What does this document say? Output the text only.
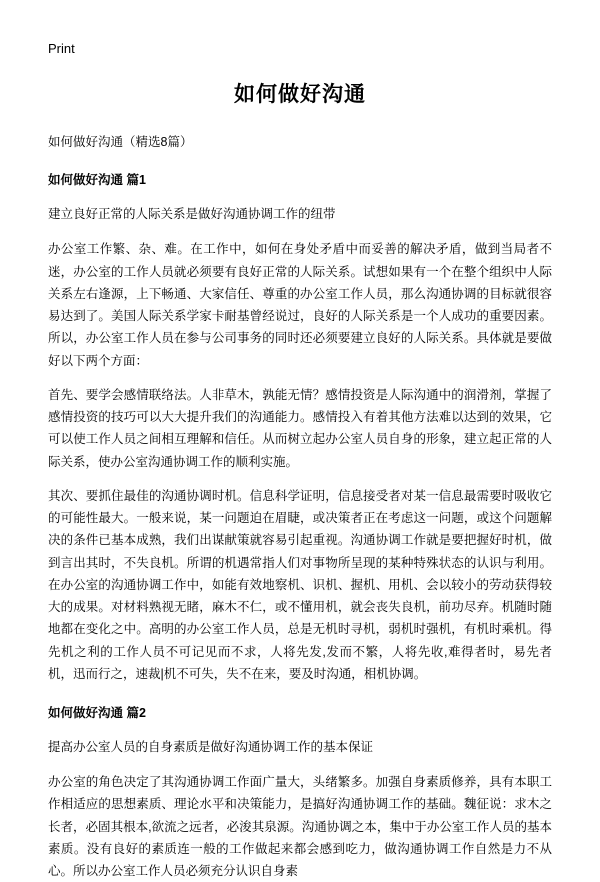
Print
如何做好沟通
如何做好沟通（精选8篇）
如何做好沟通 篇1
建立良好正常的人际关系是做好沟通协调工作的纽带

办公室工作繁、杂、难。在工作中，如何在身处矛盾中而妥善的解决矛盾，做到当局者不迷，办公室的工作人员就必须要有良好正常的人际关系。试想如果有一个在整个组织中人际关系左右逢源，上下畅通、大家信任、尊重的办公室工作人员，那么沟通协调的目标就很容易达到了。美国人际关系学家卡耐基曾经说过，良好的人际关系是一个人成功的重要因素。所以，办公室工作人员在参与公司事务的同时还必须要建立良好的人际关系。具体就是要做好以下两个方面：

首先、要学会感情联络法。人非草木，孰能无情？感情投资是人际沟通中的润滑剂，掌握了感情投资的技巧可以大大提升我们的沟通能力。感情投入有着其他方法难以达到的效果，它可以使工作人员之间相互理解和信任。从而树立起办公室人员自身的形象，建立起正常的人际关系，使办公室沟通协调工作的顺利实施。

其次、要抓住最佳的沟通协调时机。信息科学证明，信息接受者对某一信息最需要时吸收它的可能性最大。一般来说，某一问题迫在眉睫，或决策者正在考虑这一问题，或这个问题解决的条件已基本成熟，我们出谋献策就容易引起重视。沟通协调工作就是要把握好时机，做到言出其时，不失良机。所谓的机遇常指人们对事物所呈现的某种特殊状态的认识与利用。在办公室的沟通协调工作中，如能有效地察机、识机、握机、用机、会以较小的劳动获得较大的成果。对材料熟视无睹，麻木不仁，或不懂用机，就会丧失良机，前功尽弃。机随时随地都在变化之中。高明的办公室工作人员，总是无机时寻机，弱机时强机，有机时乘机。得先机之利的工作人员不可记见而不求，人将先发,发而不繁，人将先收,难得者时，易先者机，迅而行之，速裁|机不可失，失不在来，要及时沟通，相机协调。

如何做好沟通 篇2
提高办公室人员的自身素质是做好沟通协调工作的基本保证

办公室的角色决定了其沟通协调工作面广量大，头绪繁多。加强自身素质修养，具有本职工作相适应的思想素质、理论水平和决策能力，是搞好沟通协调工作的基础。魏征说：求木之长者，必固其根本,欲流之远者，必浚其泉源。沟通协调之本，集中于办公室工作人员的基本素质。没有良好的素质连一般的工作做起来都会感到吃力，做沟通协调工作自然是力不从心。所以办公室工作人员必须充分认识自身素
